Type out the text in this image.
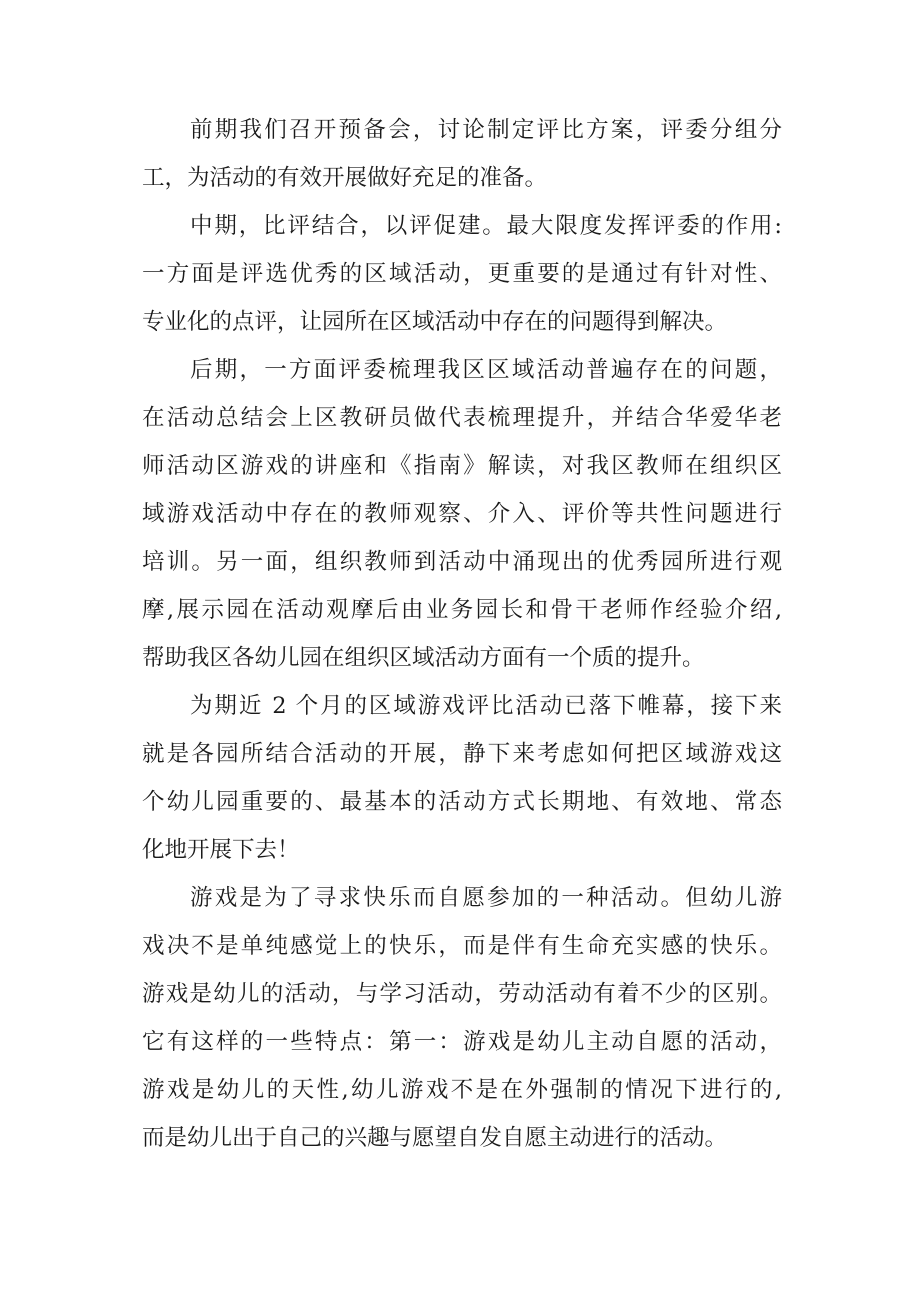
前期我们召开预备会，讨论制定评比方案，评委分组分
工，为活动的有效开展做好充足的准备。
中期，比评结合，以评促建。最大限度发挥评委的作用:
一方面是评选优秀的区域活动，更重要的是通过有针对性、
专业化的点评，让园所在区域活动中存在的问题得到解决。
后期，一方面评委梳理我区区域活动普遍存在的问题，
在活动总结会上区教研员做代表梳理提升，并结合华爱华老
师活动区游戏的讲座和《指南》解读，对我区教师在组织区
域游戏活动中存在的教师观察、介入、评价等共性问题进行
培训。另一面，组织教师到活动中涌现出的优秀园所进行观
摩,展示园在活动观摩后由业务园长和骨干老师作经验介绍,
帮助我区各幼儿园在组织区域活动方面有一个质的提升。
为期近 2 个月的区域游戏评比活动已落下帷幕，接下来
就是各园所结合活动的开展，静下来考虑如何把区域游戏这
个幼儿园重要的、最基本的活动方式长期地、有效地、常态
化地开展下去！
游戏是为了寻求快乐而自愿参加的一种活动。但幼儿游
戏决不是单纯感觉上的快乐，而是伴有生命充实感的快乐。
游戏是幼儿的活动，与学习活动，劳动活动有着不少的区别。
它有这样的一些特点：第一：游戏是幼儿主动自愿的活动，
游戏是幼儿的天性,幼儿游戏不是在外强制的情况下进行的,
而是幼儿出于自己的兴趣与愿望自发自愿主动进行的活动。
